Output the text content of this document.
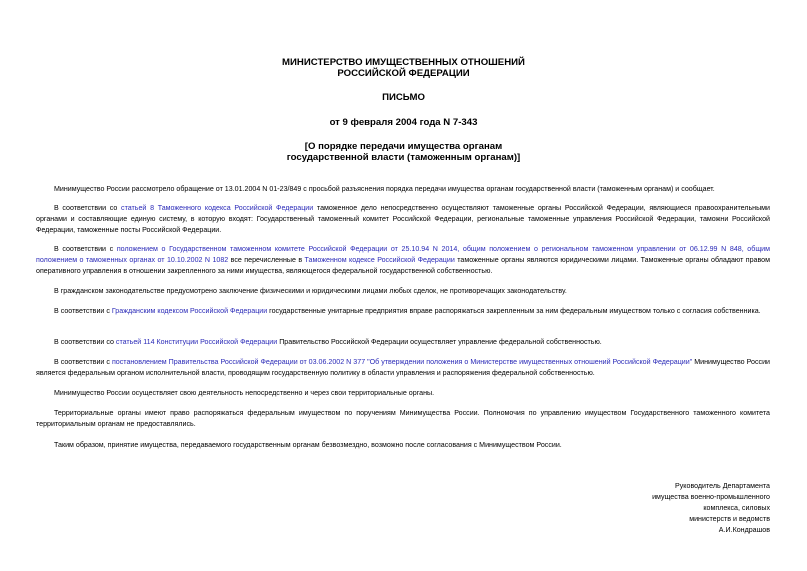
МИНИСТЕРСТВО ИМУЩЕСТВЕННЫХ ОТНОШЕНИЙ

РОССИЙСКОЙ ФЕДЕРАЦИИ

ПИСЬМО

от 9 февраля 2004 года N 7-343

[О порядке передачи имущества органам

государственной власти (таможенным органам)]

Минимущество России рассмотрело обращение от 13.01.2004 N 01-23/849 с просьбой разъяснения порядка передачи имущества органам государственной власти (таможенным органам) и сообщает.

В соответствии со статьей 8 Таможенного кодекса Российской Федерации таможенное дело непосредственно осуществляют таможенные органы Российской Федерации, являющиеся правоохранительными органами и составляющие единую систему, в которую входят: Государственный таможенный комитет Российской Федерации, региональные таможенные управления Российской Федерации, таможни Российской Федерации, таможенные посты Российской Федерации.

В соответствии с положением о Государственном таможенном комитете Российской Федерации от 25.10.94 N 2014, общим положением о региональном таможенном управлении от 06.12.99 N 848, общим положением о таможенных органах от 10.10.2002 N 1082 все перечисленные в Таможенном кодексе Российской Федерации таможенные органы являются юридическими лицами. Таможенные органы обладают правом оперативного управления в отношении закрепленного за ними имущества, являющегося федеральной государственной собственностью.

В гражданском законодательстве предусмотрено заключение физическими и юридическими лицами любых сделок, не противоречащих законодательству.

В соответствии с Гражданским кодексом Российской Федерации государственные унитарные предприятия вправе распоряжаться закрепленным за ним федеральным имуществом только с согласия собственника.

В соответствии со статьей 114 Конституции Российской Федерации Правительство Российской Федерации осуществляет управление федеральной собственностью.

В соответствии с постановлением Правительства Российской Федерации от 03.06.2002 N 377 "Об утверждении положения о Министерстве имущественных отношений Российской Федерации" Минимущество России является федеральным органом исполнительной власти, проводящим государственную политику в области управления и распоряжения федеральной собственностью.

Минимущество России осуществляет свою деятельность непосредственно и через свои территориальные органы.

Территориальные органы имеют право распоряжаться федеральным имуществом по поручениям Минимущества России. Полномочия по управлению имуществом Государственного таможенного комитета территориальным органам не предоставлялись.

Таким образом, принятие имущества, передаваемого государственным органам безвозмездно, возможно после согласования с Минимуществом России.

Руководитель Департамента

имущества военно-промышленного

комплекса, силовых

министерств и ведомств

А.И.Кондрашов
